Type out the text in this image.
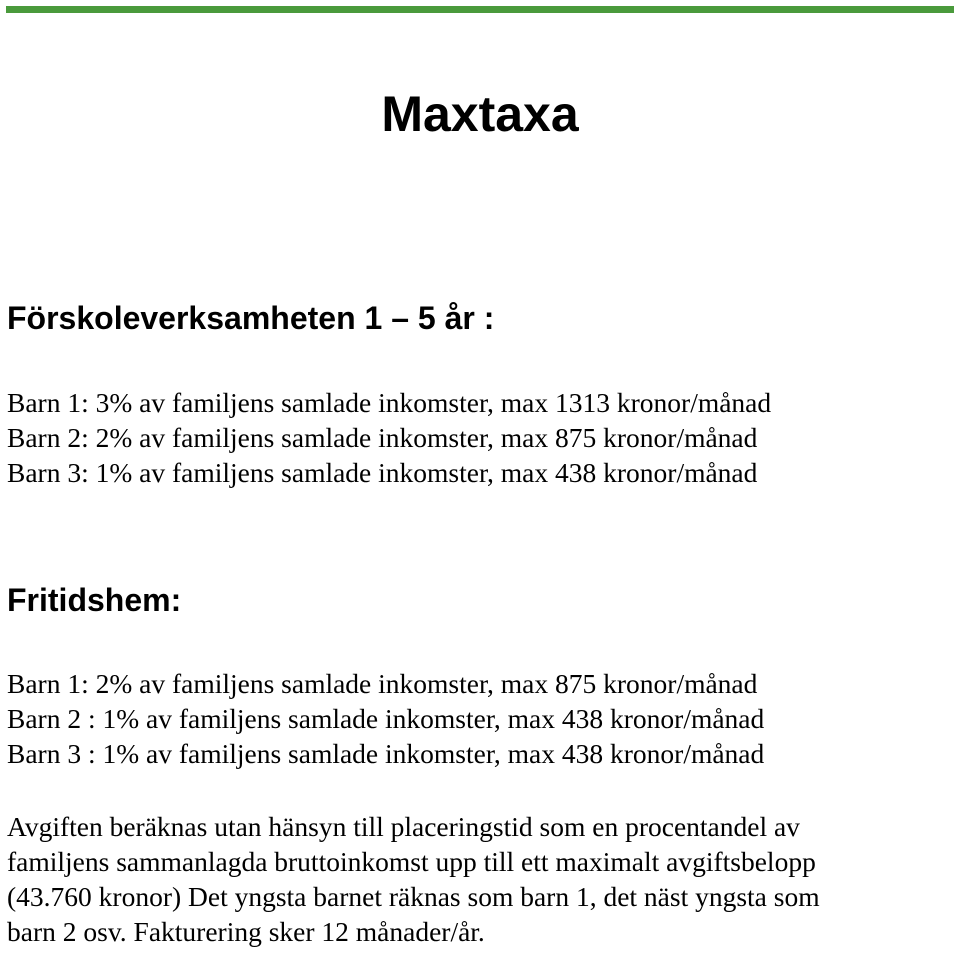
Maxtaxa
Förskoleverksamheten 1 – 5 år :
Barn 1: 3% av familjens samlade inkomster, max 1313 kronor/månad
Barn 2: 2% av familjens samlade inkomster, max 875 kronor/månad
Barn 3: 1% av familjens samlade inkomster, max 438 kronor/månad
Fritidshem:
Barn 1: 2% av familjens samlade inkomster, max 875 kronor/månad
Barn 2 : 1% av familjens samlade inkomster, max 438 kronor/månad
Barn 3 : 1% av familjens samlade inkomster, max 438 kronor/månad
Avgiften beräknas utan hänsyn till placeringstid som en procentandel av
familjens sammanlagda bruttoinkomst upp till ett maximalt avgiftsbelopp
(43.760 kronor) Det yngsta barnet räknas som barn 1, det näst yngsta som
barn 2 osv. Fakturering sker 12 månader/år.
